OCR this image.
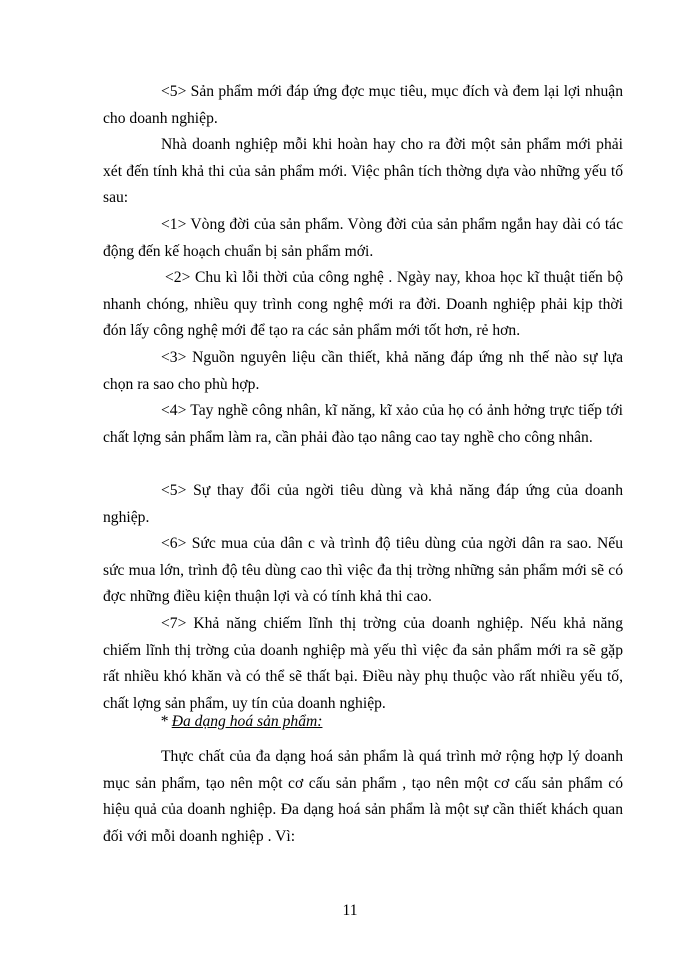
<5> Sản phẩm mới đáp ứng đợc mục tiêu, mục đích và đem lại lợi nhuận cho doanh nghiệp.

Nhà doanh nghiệp mỗi khi hoàn hay cho ra đời một sản phẩm mới phải xét đến tính khả thi của sản phẩm mới. Việc phân tích thờng dựa vào những yếu tố sau:

<1> Vòng đời của sản phẩm. Vòng đời của sản phẩm ngắn hay dài có tác động đến kế hoạch chuẩn bị sản phẩm mới.

<2> Chu kì lỗi thời của công nghệ . Ngày nay, khoa học kĩ thuật tiến bộ nhanh chóng, nhiều quy trình cong nghệ mới ra đời. Doanh nghiệp phải kịp thời đón lấy công nghệ mới để tạo ra các sản phẩm mới tốt hơn, rẻ hơn.

<3> Nguồn nguyên liệu cần thiết, khả năng đáp ứng nh thế nào sự lựa chọn ra sao cho phù hợp.

<4> Tay nghề công nhân, kĩ năng, kĩ xảo của họ có ảnh hởng trực tiếp tới chất lợng sản phẩm làm ra, cần phải đào tạo nâng cao tay nghề cho công nhân.

<5> Sự thay đổi của ngời tiêu dùng và khả năng đáp ứng của doanh nghiệp.

<6> Sức mua của dân c và trình độ tiêu dùng của ngời dân ra sao. Nếu sức mua lớn, trình độ têu dùng cao thì việc đa thị trờng những sản phẩm mới sẽ có đợc những điều kiện thuận lợi và có tính khả thi cao.

<7> Khả năng chiếm lĩnh thị trờng của doanh nghiệp. Nếu khả năng chiếm lĩnh thị trờng của doanh nghiệp mà yếu thì việc đa sản phẩm mới ra sẽ gặp rất nhiều khó khăn và có thể sẽ thất bại. Điều này phụ thuộc vào rất nhiều yếu tố, chất lợng sản phẩm, uy tín của doanh nghiệp.

* Đa dạng hoá sản phẩm:

Thực chất của đa dạng hoá sản phẩm là quá trình mở rộng hợp lý doanh mục sản phẩm, tạo nên một cơ cấu sản phẩm , tạo nên một cơ cấu sản phẩm có hiệu quả của doanh nghiệp. Đa dạng hoá sản phẩm là một sự cần thiết khách quan đối với mỗi doanh nghiệp . Vì:

11
